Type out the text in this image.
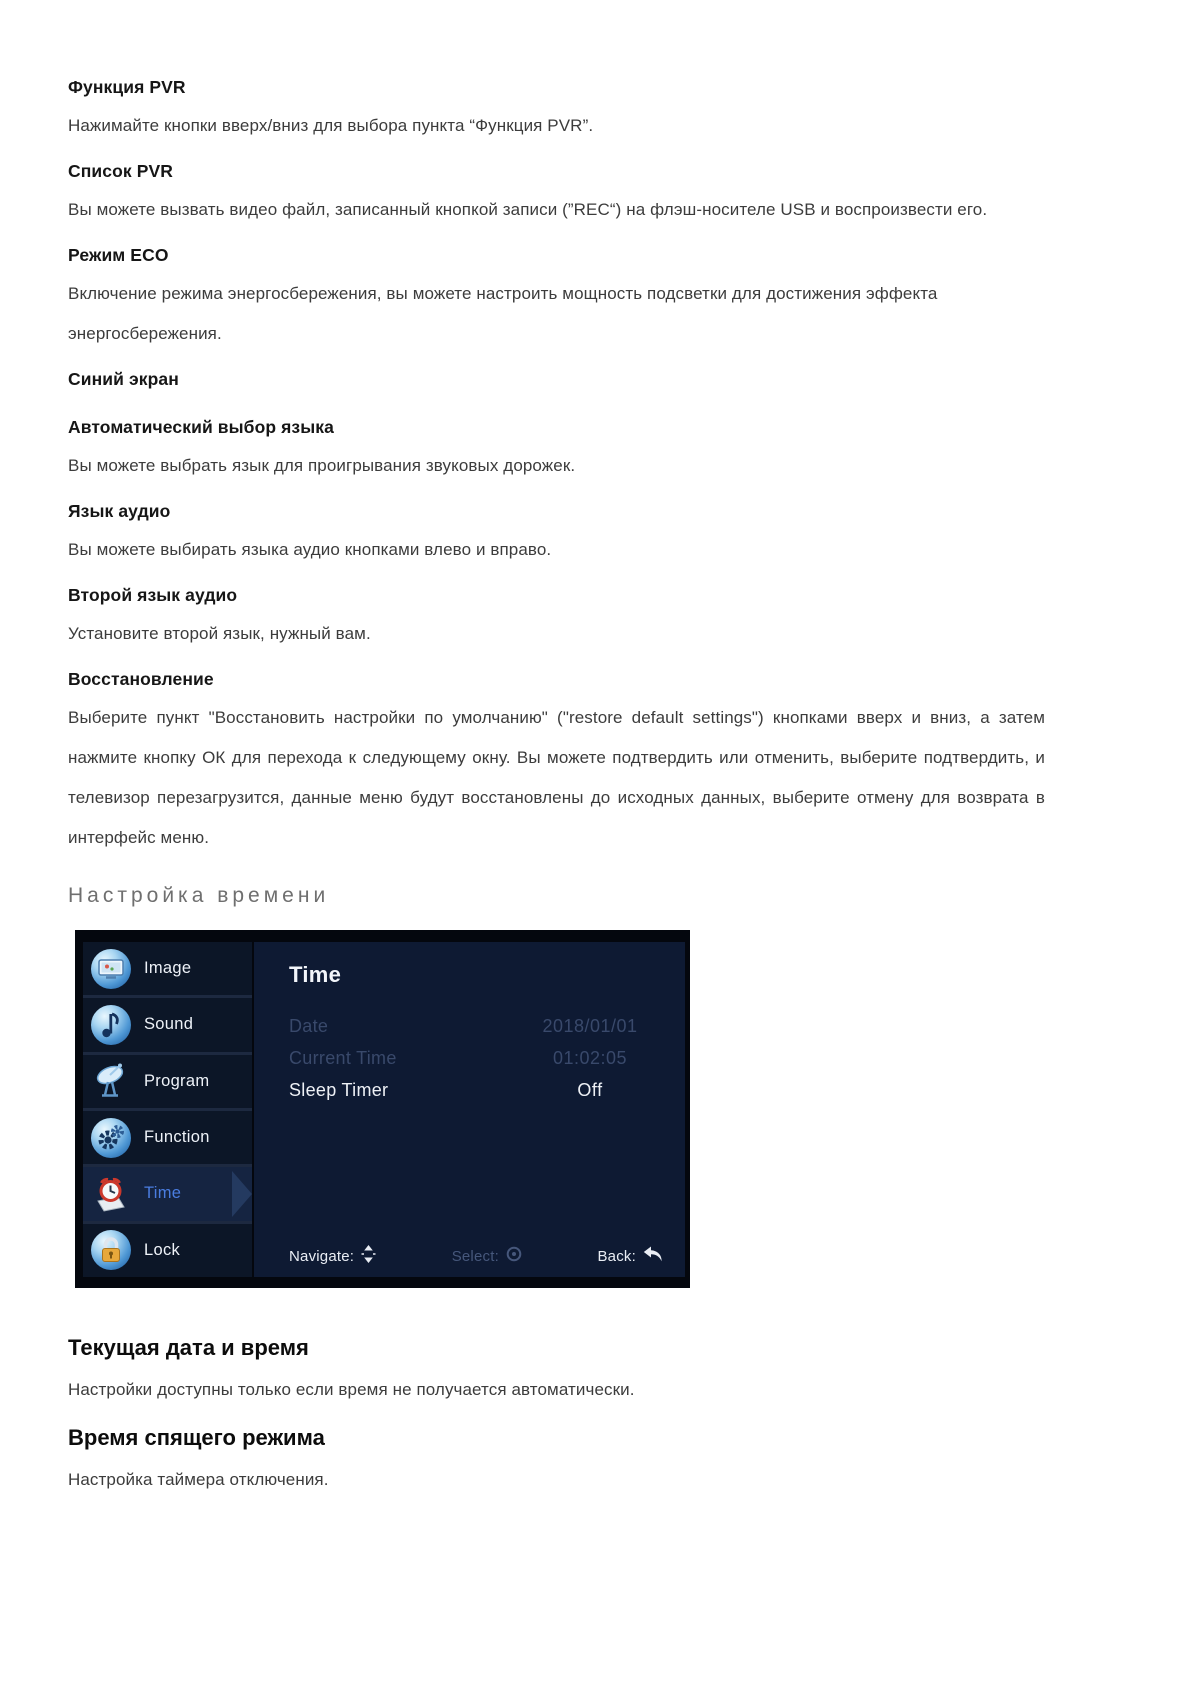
Функция PVR
Нажимайте кнопки вверх/вниз для выбора пункта “Функция PVR”.
Список PVR
Вы можете вызвать видео файл, записанный кнопкой записи (”REC“) на флэш-носителе USB и воспроизвести его.
Режим ECO
Включение режима энергосбережения, вы можете настроить мощность подсветки для достижения эффекта энергосбережения.
Синий экран
Автоматический выбор языка
Вы можете выбрать язык для проигрывания звуковых дорожек.
Язык аудио
Вы можете выбирать языка аудио кнопками влево и вправо.
Второй язык аудио
Установите второй язык, нужный вам.
Восстановление
Выберите пункт "Восстановить настройки по умолчанию" ("restore default settings") кнопками вверх и вниз, а затем нажмите кнопку ОК для перехода к следующему окну. Вы можете подтвердить или отменить, выберите подтвердить, и телевизор перезагрузится, данные меню будут восстановлены до исходных данных, выберите отмену для возврата в интерфейс меню.
Настройка времени
Image
Sound
Program
Function
Time
Lock
Time
Date	2018/01/01
Current Time	01:02:05
Sleep Timer	Off
Navigate:	Select:	Back:
Текущая дата и время
Настройки доступны только если время не получается автоматически.
Время спящего режима
Настройка таймера отключения.
